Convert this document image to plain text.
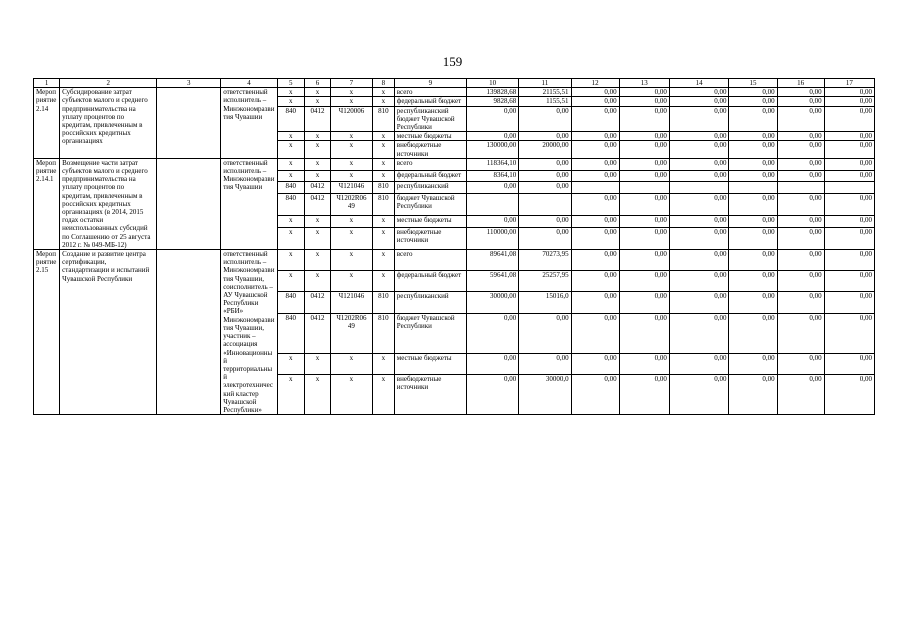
159
1	2	3	4	5	6	7	8	9	10	11	12	13	14	15	16	17
Мероприятие 2.14	Субсидирование затрат субъектов малого и среднего предпринимательства на уплату процентов по кредитам, привлеченным в российских кредитных организациях		ответственный исполнитель – Минэкономразвития Чувашии	x	x	x	x	всего	139828,68	21155,51	0,00	0,00	0,00	0,00	0,00	0,00
				x	x	x	x	федеральный бюджет	9828,68	1155,51	0,00	0,00	0,00	0,00	0,00	0,00
				840	0412	Ч120006	810	республиканский бюджет Чувашской Республики	0,00	0,00	0,00	0,00	0,00	0,00	0,00	0,00
				x	x	x	x	местные бюджеты	0,00	0,00	0,00	0,00	0,00	0,00	0,00	0,00
				x	x	x	x	внебюджетные источники	130000,00	20000,00	0,00	0,00	0,00	0,00	0,00	0,00
Мероприятие 2.14.1	Возмещение части затрат субъектов малого и среднего предпринимательства на уплату процентов по кредитам, привлеченным в российских кредитных организациях (в 2014, 2015 годах остатки неиспользованных субсидий по Соглашению от 25 августа 2012 г. № 049-МБ-12)		ответственный исполнитель – Минэкономразвития Чувашии	x	x	x	x	всего	118364,10	0,00	0,00	0,00	0,00	0,00	0,00	0,00
				x	x	x	x	федеральный бюджет	8364,10	0,00	0,00	0,00	0,00	0,00	0,00	0,00
				840	0412	Ч121046	810	республиканский	0,00	0,00						
				840	0412	Ч1202R06 49	810	бюджет Чувашской Республики			0,00	0,00	0,00	0,00	0,00	0,00
				x	x	x	x	местные бюджеты	0,00	0,00	0,00	0,00	0,00	0,00	0,00	0,00
				x	x	x	x	внебюджетные источники	110000,00	0,00	0,00	0,00	0,00	0,00	0,00	0,00
Мероприятие 2.15	Создание и развитие центра сертификации, стандартизации и испытаний Чувашской Республики		ответственный исполнитель – Минэкономразвития Чувашии, соисполнитель – АУ Чувашской Республики «РБИ» Минэкономразвития Чувашии, участник – ассоциация «Инновационный территориальный электротехнический кластер Чувашской Республики»	x	x	x	x	всего	89641,08	70273,95	0,00	0,00	0,00	0,00	0,00	0,00
				x	x	x	x	федеральный бюджет	59641,08	25257,95	0,00	0,00	0,00	0,00	0,00	0,00
				840	0412	Ч121046	810	республиканский	30000,00	15016,0	0,00	0,00	0,00	0,00	0,00	0,00
				840	0412	Ч1202R06 49	810	бюджет Чувашской Республики	0,00	0,00	0,00	0,00	0,00	0,00	0,00	0,00
				x	x	x	x	местные бюджеты	0,00	0,00	0,00	0,00	0,00	0,00	0,00	0,00
				x	x	x	x	внебюджетные источники	0,00	30000,0	0,00	0,00	0,00	0,00	0,00	0,00
